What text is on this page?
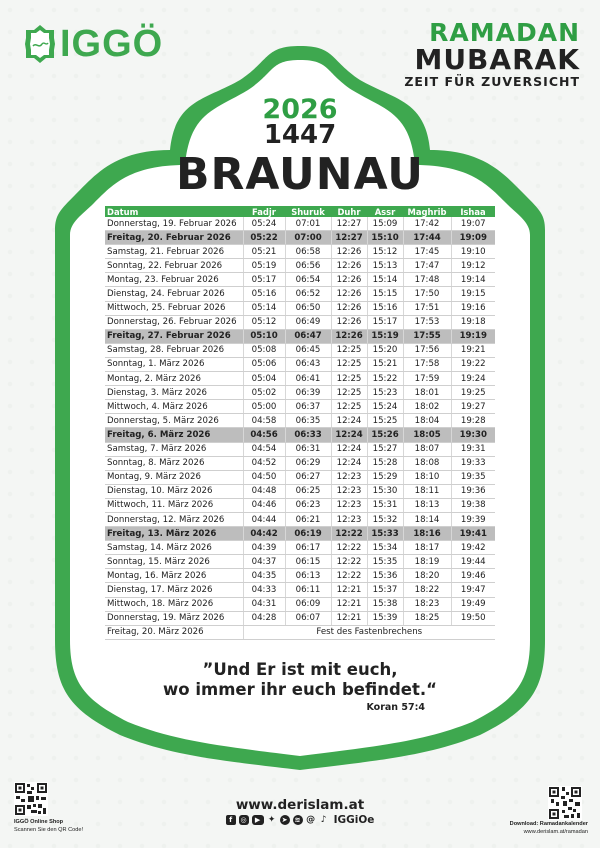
IGGÖ	RAMADAN
MUBARAK
ZEIT FÜR ZUVERSICHT
2026
1447
BRAUNAU
Datum	Fadjr	Shuruk	Duhr	Assr	Maghrib	Ishaa
Donnerstag, 19. Februar 2026	05:24	07:01	12:27	15:09	17:42	19:07
Freitag, 20. Februar 2026	05:22	07:00	12:27	15:10	17:44	19:09
Samstag, 21. Februar 2026	05:21	06:58	12:26	15:12	17:45	19:10
Sonntag, 22. Februar 2026	05:19	06:56	12:26	15:13	17:47	19:12
Montag, 23. Februar 2026	05:17	06:54	12:26	15:14	17:48	19:14
Dienstag, 24. Februar 2026	05:16	06:52	12:26	15:15	17:50	19:15
Mittwoch, 25. Februar 2026	05:14	06:50	12:26	15:16	17:51	19:16
Donnerstag, 26. Februar 2026	05:12	06:49	12:26	15:17	17:53	19:18
Freitag, 27. Februar 2026	05:10	06:47	12:26	15:19	17:55	19:19
Samstag, 28. Februar 2026	05:08	06:45	12:25	15:20	17:56	19:21
Sonntag, 1. März 2026	05:06	06:43	12:25	15:21	17:58	19:22
Montag, 2. März 2026	05:04	06:41	12:25	15:22	17:59	19:24
Dienstag, 3. März 2026	05:02	06:39	12:25	15:23	18:01	19:25
Mittwoch, 4. März 2026	05:00	06:37	12:25	15:24	18:02	19:27
Donnerstag, 5. März 2026	04:58	06:35	12:24	15:25	18:04	19:28
Freitag, 6. März 2026	04:56	06:33	12:24	15:26	18:05	19:30
Samstag, 7. März 2026	04:54	06:31	12:24	15:27	18:07	19:31
Sonntag, 8. März 2026	04:52	06:29	12:24	15:28	18:08	19:33
Montag, 9. März 2026	04:50	06:27	12:23	15:29	18:10	19:35
Dienstag, 10. März 2026	04:48	06:25	12:23	15:30	18:11	19:36
Mittwoch, 11. März 2026	04:46	06:23	12:23	15:31	18:13	19:38
Donnerstag, 12. März 2026	04:44	06:21	12:23	15:32	18:14	19:39
Freitag, 13. März 2026	04:42	06:19	12:22	15:33	18:16	19:41
Samstag, 14. März 2026	04:39	06:17	12:22	15:34	18:17	19:42
Sonntag, 15. März 2026	04:37	06:15	12:22	15:35	18:19	19:44
Montag, 16. März 2026	04:35	06:13	12:22	15:36	18:20	19:46
Dienstag, 17. März 2026	04:33	06:11	12:21	15:37	18:22	19:47
Mittwoch, 18. März 2026	04:31	06:09	12:21	15:38	18:23	19:49
Donnerstag, 19. März 2026	04:28	06:07	12:21	15:39	18:25	19:50
Freitag, 20. März 2026	Fest des Fastenbrechens					
”Und Er ist mit euch,
wo immer ihr euch befindet.“
Koran 57:4
IGGÖ Online Shop
Scannen Sie den QR Code!
www.derislam.at
f	◎	▶ ✦ ➤ ≋ @ ♪ IGGiOe	Download: Ramadankalender
www.derislam.at/ramadan
